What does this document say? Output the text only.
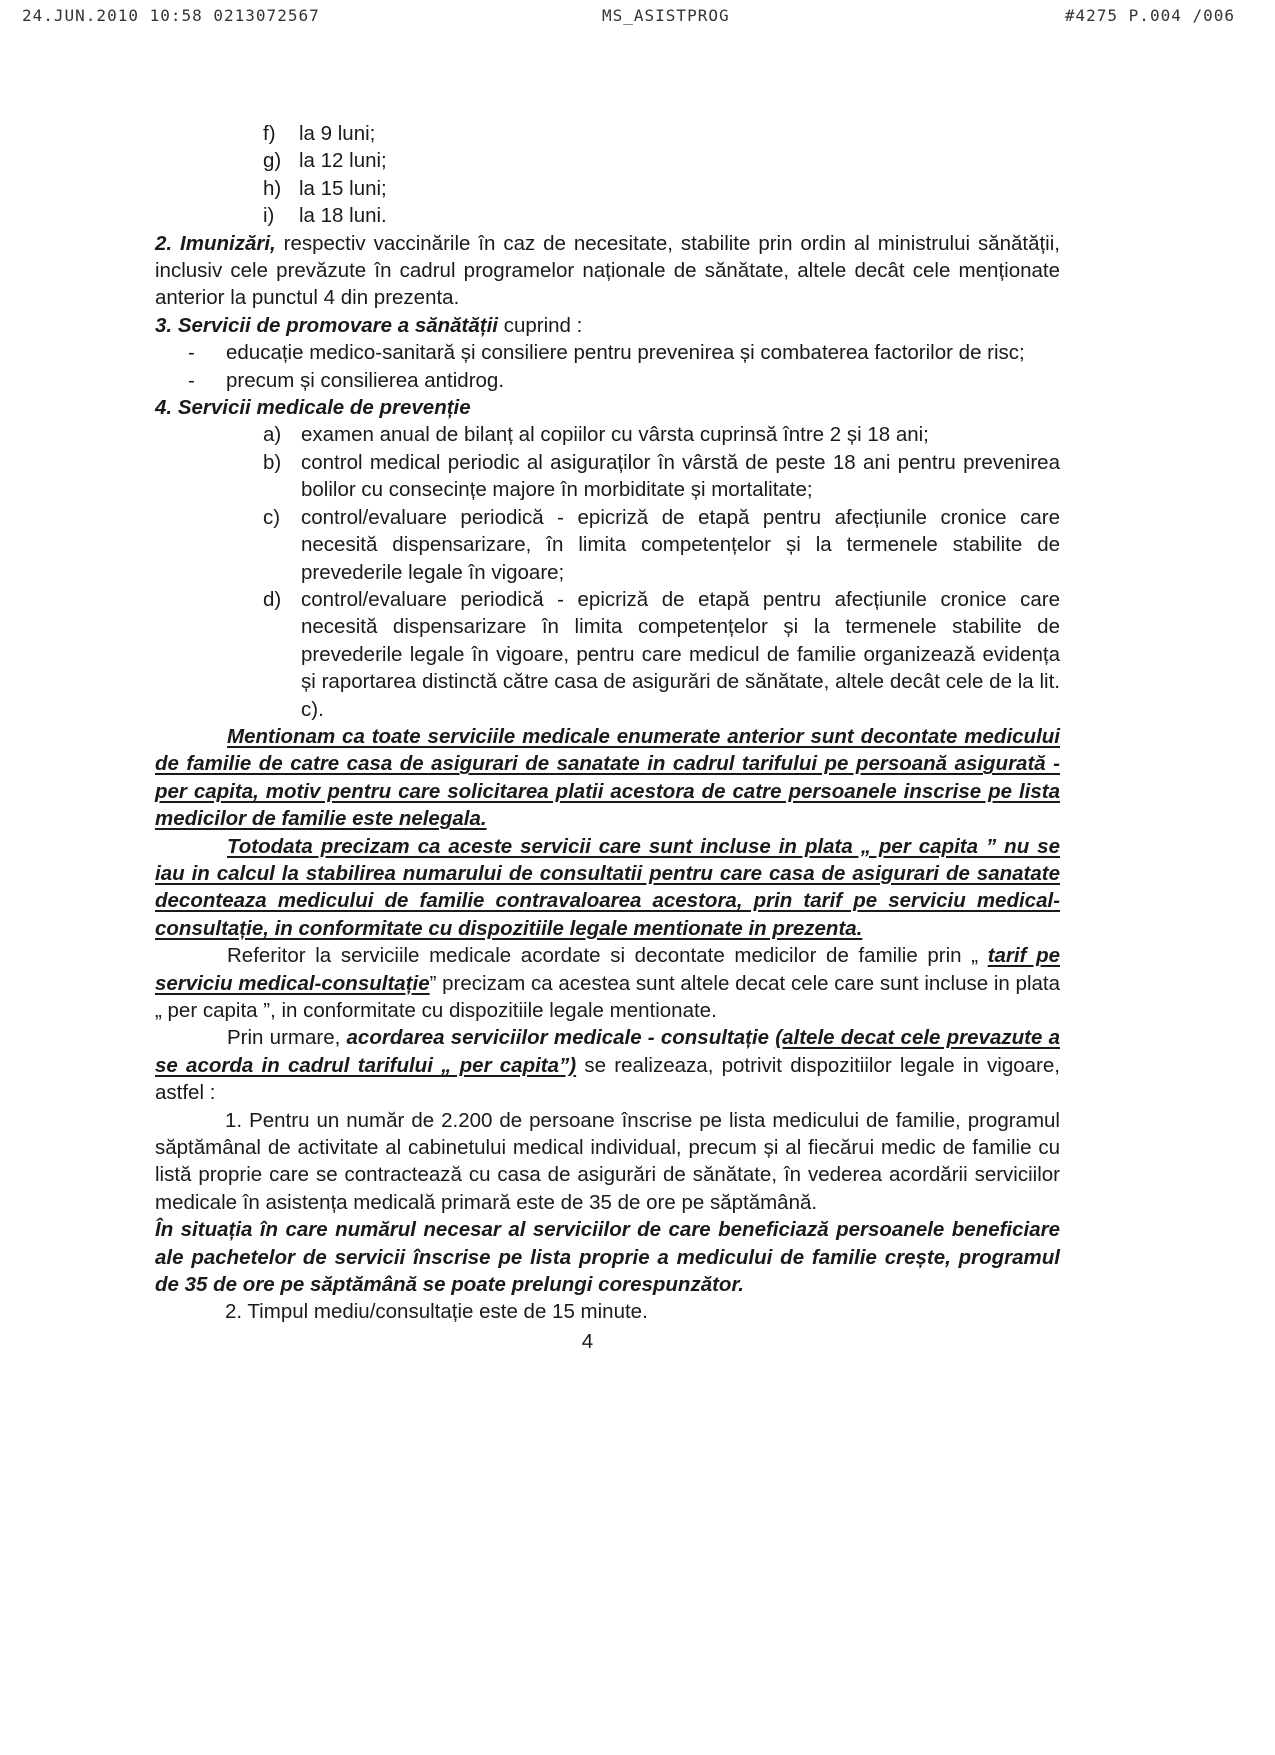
24.JUN.2010 10:58 0213072567	MS_ASISTPROG	#4275 P.004 /006
f)	la 9 luni;
g) la 12 luni;
h) la 15 luni;
i)	la 18 luni.

2. Imunizări, respectiv vaccinările în caz de necesitate, stabilite prin ordin al ministrului sănătății, inclusiv cele prevăzute în cadrul programelor naționale de sănătate, altele decât cele menționate anterior la punctul 4 din prezenta.

3. Servicii de promovare a sănătății cuprind :

-	educație medico-sanitară și consiliere pentru prevenirea și combaterea factorilor de risc;
-	precum și consilierea antidrog.

4. Servicii medicale de prevenție

a) examen anual de bilanț al copiilor cu vârsta cuprinsă între 2 și 18 ani;
b) control medical periodic al asiguraților în vârstă de peste 18 ani pentru prevenirea bolilor cu consecințe majore în morbiditate și mortalitate;
c)	control/evaluare periodică - epicriză de etapă pentru afecțiunile cronice care necesită dispensarizare, în limita competențelor și la termenele stabilite de prevederile legale în vigoare;
d) control/evaluare periodică - epicriză de etapă pentru afecțiunile cronice care necesită dispensarizare în limita competențelor și la termenele stabilite de prevederile legale în vigoare, pentru care medicul de familie organizează evidența și raportarea distinctă către casa de asigurări de sănătate, altele decât cele de la lit. c).

Mentionam ca toate serviciile medicale enumerate anterior sunt decontate medicului de familie de catre casa de asigurari de sanatate in cadrul tarifului pe persoană asigurată - per capita, motiv pentru care solicitarea platii acestora de catre persoanele inscrise pe lista medicilor de familie este nelegala.

Totodata precizam ca aceste servicii care sunt incluse in plata „ per capita ” nu se iau in calcul la stabilirea numarului de consultatii pentru care casa de asigurari de sanatate deconteaza medicului de familie contravaloarea acestora, prin tarif pe serviciu medical-consultație, in conformitate cu dispozitiile legale mentionate in prezenta.

Referitor la serviciile medicale acordate si decontate medicilor de familie prin „ tarif pe serviciu medical-consultație” precizam ca acestea sunt altele decat cele care sunt incluse in plata „ per capita ”, in conformitate cu dispozitiile legale mentionate.

Prin urmare, acordarea serviciilor medicale - consultație (altele decat cele prevazute a se acorda in cadrul tarifului „ per capita”) se realizeaza, potrivit dispozitiilor legale in vigoare, astfel :

1. Pentru un număr de 2.200 de persoane înscrise pe lista medicului de familie, programul săptămânal de activitate al cabinetului medical individual, precum și al fiecărui medic de familie cu listă proprie care se contractează cu casa de asigurări de sănătate, în vederea acordării serviciilor medicale în asistența medicală primară este de 35 de ore pe săptămână.

În situația în care numărul necesar al serviciilor de care beneficiază persoanele beneficiare ale pachetelor de servicii înscrise pe lista proprie a medicului de familie crește, programul de 35 de ore pe săptămână se poate prelungi corespunzător.

2. Timpul mediu/consultație este de 15 minute.

4
